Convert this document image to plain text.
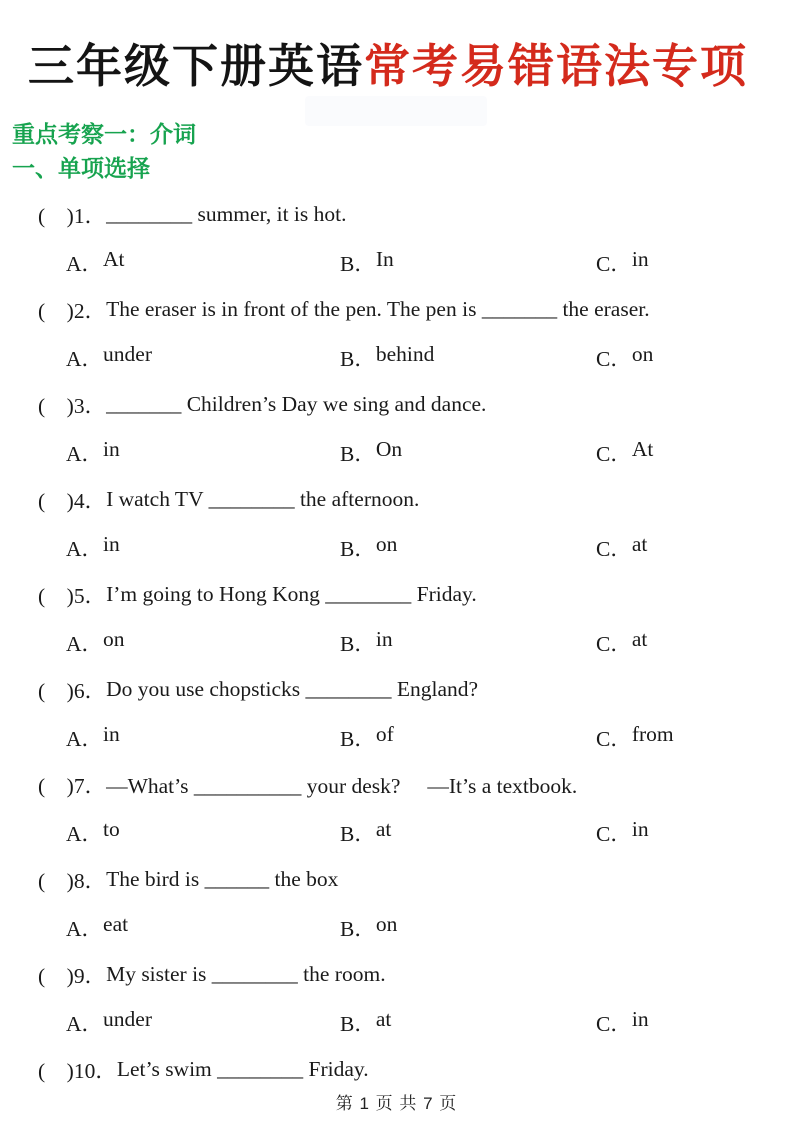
三年级下册英语常考易错语法专项

重点考察一：介词

一、单项选择

(　)1． ________ summer, it is hot.
A． At	B． In	C． in
(　)2． The eraser is in front of the pen. The pen is _______ the eraser.
A． under	B． behind	C． on
(　)3． _______ Children’s Day we sing and dance.
A． in	B． On	C． At
(　)4． I watch TV ________ the afternoon.
A． in	B． on	C． at
(　)5． I’m going to Hong Kong ________ Friday.
A． on	B． in	C． at
(　)6． Do you use chopsticks ________ England?
A． in	B． of	C． from
(　)7． —What’s __________ your desk?　 —It’s a textbook.
A． to	B． at	C． in
(　)8． The bird is ______ the box
A． eat	B． on
(　)9． My sister is ________ the room.
A． under	B． at	C． in
(　)10． Let’s swim ________ Friday.
第 1 页 共 7 页
